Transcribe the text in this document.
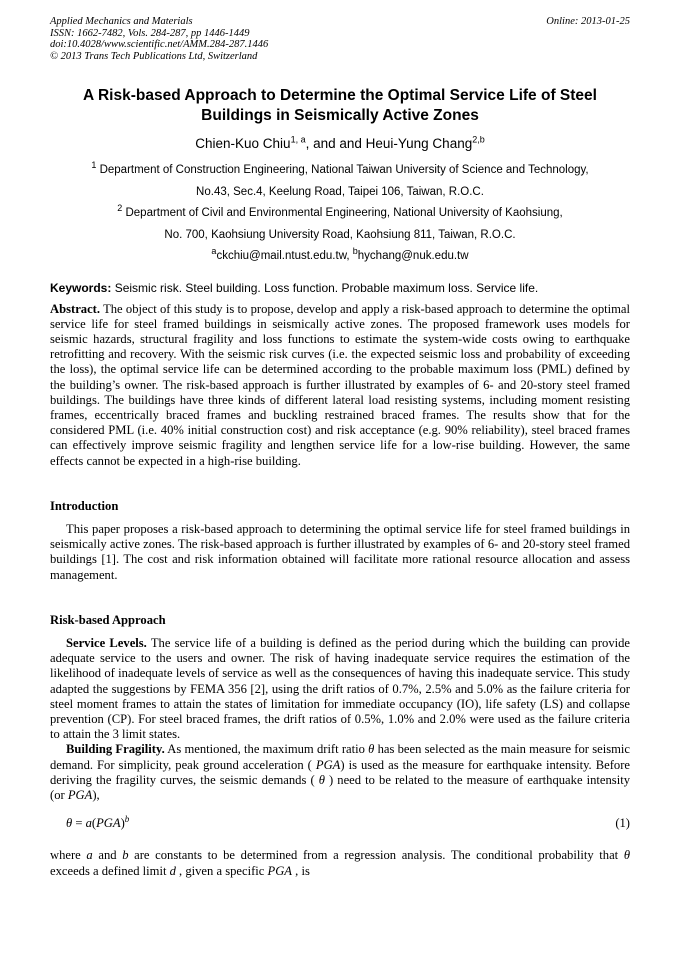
Applied Mechanics and Materials
ISSN: 1662-7482, Vols. 284-287, pp 1446-1449
doi:10.4028/www.scientific.net/AMM.284-287.1446
© 2013 Trans Tech Publications Ltd, Switzerland
Online: 2013-01-25
A Risk-based Approach to Determine the Optimal Service Life of Steel
Buildings in Seismically Active Zones
Chien-Kuo Chiu$^{1, a}$, and and Heui-Yung Chang$^{2,b}$
$^1$ Department of Construction Engineering, National Taiwan University of Science and Technology,
No.43, Sec.4, Keelung Road, Taipei 106, Taiwan, R.O.C.
$^2$ Department of Civil and Environmental Engineering, National University of Kaohsiung,
No. 700, Kaohsiung University Road, Kaohsiung 811, Taiwan, R.O.C.
$^a$ckchiu@mail.ntust.edu.tw, $^b$hychang@nuk.edu.tw
Keywords: Seismic risk. Steel building. Loss function. Probable maximum loss. Service life.

Abstract. The object of this study is to propose, develop and apply a risk-based approach to determine the optimal service life for steel framed buildings in seismically active zones. The proposed framework uses models for seismic hazards, structural fragility and loss functions to estimate the system-wide costs owing to earthquake retrofitting and recovery. With the seismic risk curves (i.e. the expected seismic loss and probability of exceeding the loss), the optimal service life can be determined according to the probable maximum loss (PML) defined by the building’s owner. The risk-based approach is further illustrated by examples of 6- and 20-story steel framed buildings. The buildings have three kinds of different lateral load resisting systems, including moment resisting frames, eccentrically braced frames and buckling restrained braced frames. The results show that for the considered PML (i.e. 40% initial construction cost) and risk acceptance (e.g. 90% reliability), steel braced frames can effectively improve seismic fragility and lengthen service life for a low-rise building. However, the same effects cannot be expected in a high-rise building.

Introduction

This paper proposes a risk-based approach to determining the optimal service life for steel framed buildings in seismically active zones. The risk-based approach is further illustrated by examples of 6- and 20-story steel framed buildings [1]. The cost and risk information obtained will facilitate more rational resource allocation and assess management.

Risk-based Approach

Service Levels. The service life of a building is defined as the period during which the building can provide adequate service to the users and owner. The risk of having inadequate service requires the estimation of the likelihood of inadequate levels of service as well as the consequences of having this inadequate service. This study adapted the suggestions by FEMA 356 [2], using the drift ratios of 0.7%, 2.5% and 5.0% as the failure criteria for steel moment frames to attain the states of limitation for immediate occupancy (IO), life safety (LS) and collapse prevention (CP). For steel braced frames, the drift ratios of 0.5%, 1.0% and 2.0% were used as the failure criteria to attain the 3 limit states.

Building Fragility. As mentioned, the maximum drift ratio θ has been selected as the main measure for seismic demand. For simplicity, peak ground acceleration ( PGA) is used as the measure for earthquake intensity. Before deriving the fragility curves, the seismic demands ( θ ) need to be related to the measure of earthquake intensity (or PGA),

θ = a(PGA)$^b$	(1)

where a and b are constants to be determined from a regression analysis. The conditional probability that θ exceeds a defined limit d , given a specific PGA , is
